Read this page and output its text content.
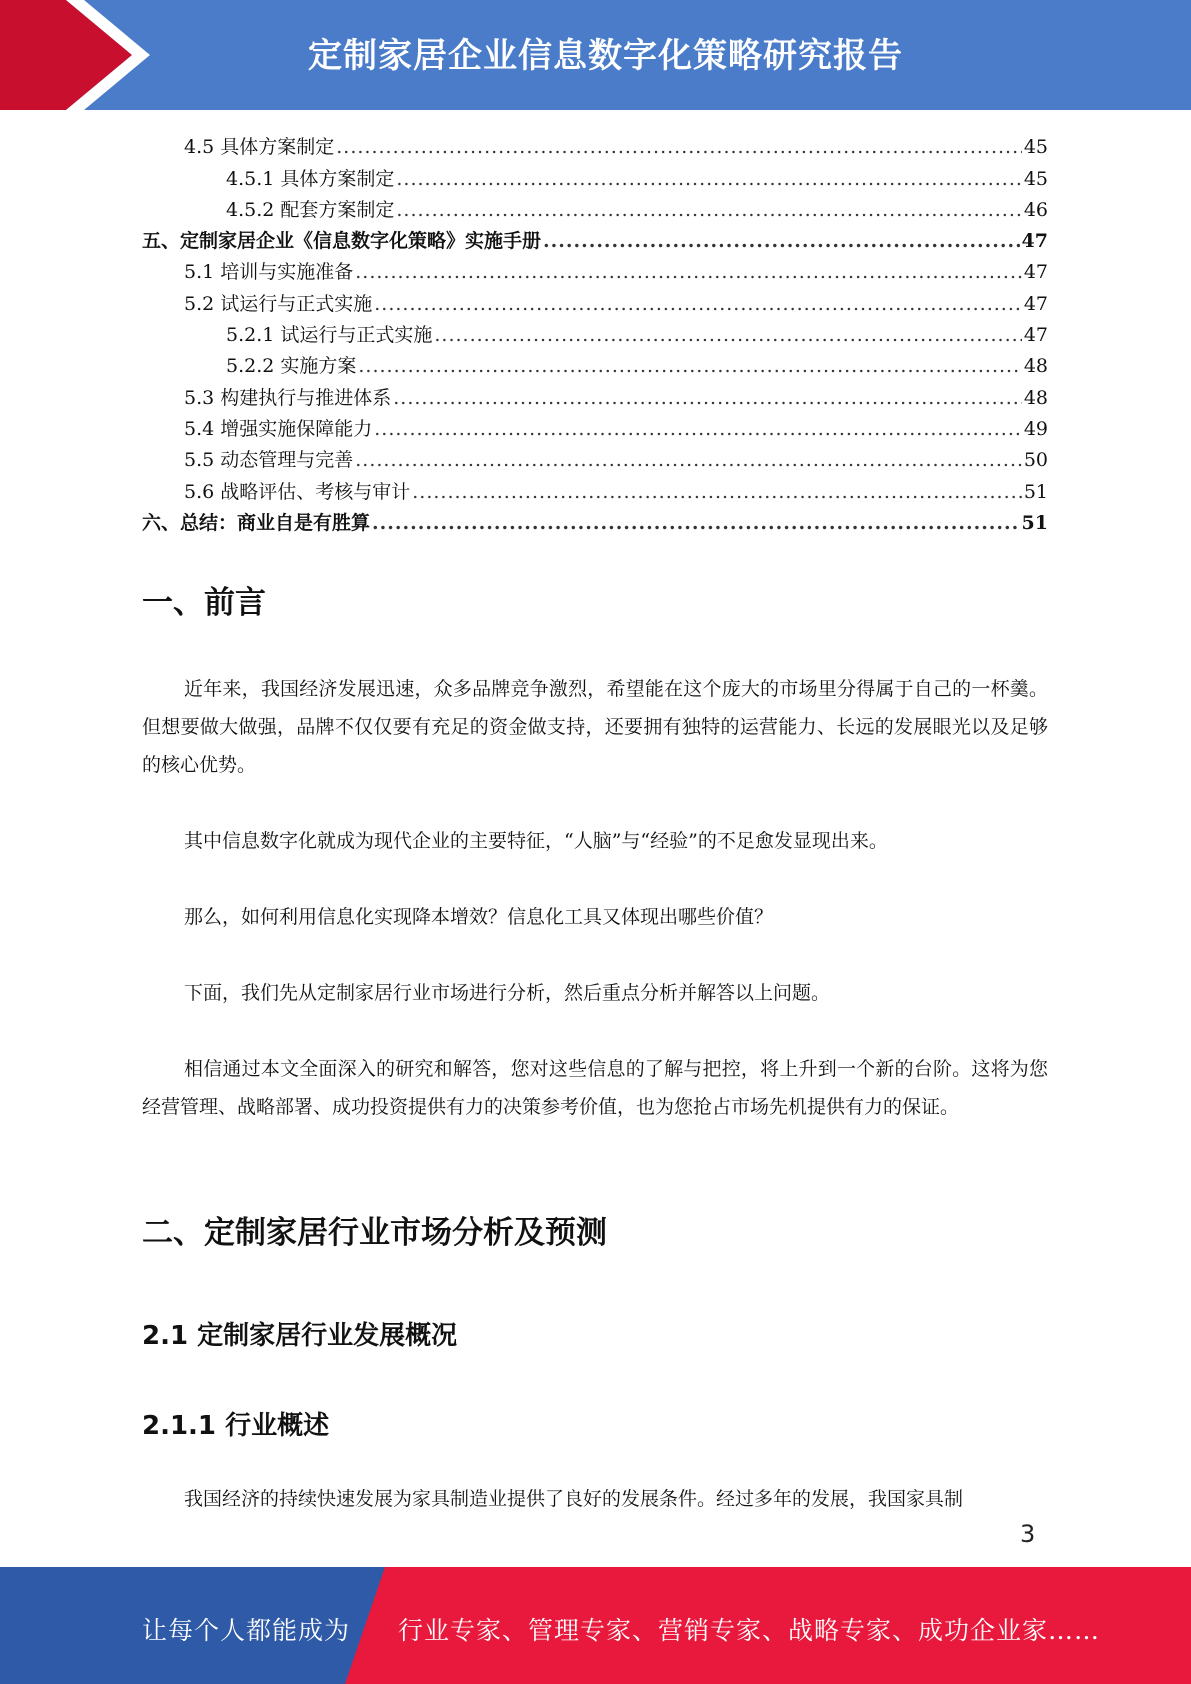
定制家居企业信息数字化策略研究报告
4.5 具体方案制定 .....	45
4.5.1 具体方案制定 .....	45
4.5.2 配套方案制定 .....	46
五、定制家居企业《信息数字化策略》实施手册 .....	47
5.1 培训与实施准备 .....	47
5.2 试运行与正式实施 .....	47
5.2.1 试运行与正式实施 .....	47
5.2.2 实施方案 .....	48
5.3 构建执行与推进体系 .....	48
5.4 增强实施保障能力 .....	49
5.5 动态管理与完善 .....	50
5.6 战略评估、考核与审计 .....	51
六、总结：商业自是有胜算 .....	51
一、前言

近年来，我国经济发展迅速，众多品牌竞争激烈，希望能在这个庞大的市场里分得属于自己的一杯羹。但想要做大做强，品牌不仅仅要有充足的资金做支持，还要拥有独特的运营能力、长远的发展眼光以及足够的核心优势。

其中信息数字化就成为现代企业的主要特征，“人脑”与“经验”的不足愈发显现出来。

那么，如何利用信息化实现降本增效？信息化工具又体现出哪些价值？

下面，我们先从定制家居行业市场进行分析，然后重点分析并解答以上问题。

相信通过本文全面深入的研究和解答，您对这些信息的了解与把控，将上升到一个新的台阶。这将为您经营管理、战略部署、成功投资提供有力的决策参考价值，也为您抢占市场先机提供有力的保证。

二、定制家居行业市场分析及预测
2.1 定制家居行业发展概况
2.1.1 行业概述

我国经济的持续快速发展为家具制造业提供了良好的发展条件。经过多年的发展，我国家具制

3
让每个人都能成为 行业专家、管理专家、营销专家、战略专家、成功企业家……
